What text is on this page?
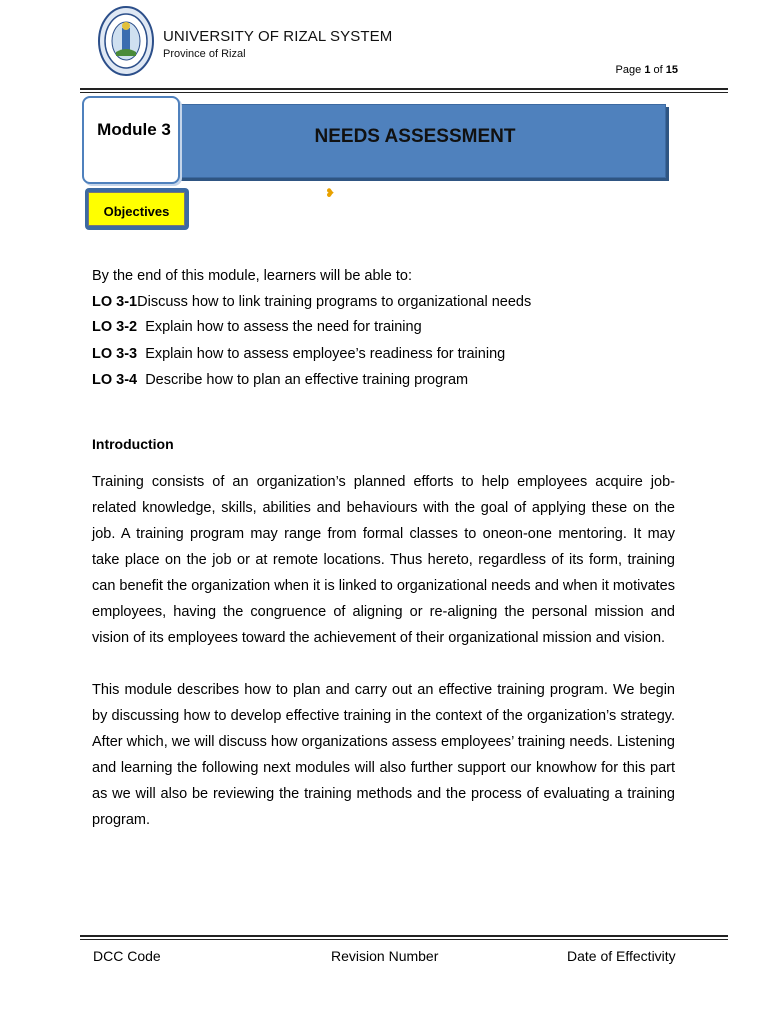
UNIVERSITY OF RIZAL SYSTEM
Province of Rizal
Page 1 of 15
NEEDS ASSESSMENT
Module 3
❥
Objectives
By the end of this module, learners will be able to:
LO 3-1Discuss how to link training programs to organizational needs
LO 3-2 Explain how to assess the need for training
LO 3-3 Explain how to assess employee’s readiness for training
LO 3-4 Describe how to plan an effective training program
Introduction
Training consists of an organization’s planned efforts to help employees acquire job-related knowledge, skills, abilities and behaviours with the goal of applying these on the job. A training program may range from formal classes to oneon-one mentoring. It may take place on the job or at remote locations. Thus hereto, regardless of its form, training can benefit the organization when it is linked to organizational needs and when it motivates employees, having the congruence of aligning or re-aligning the personal mission and vision of its employees toward the achievement of their organizational mission and vision.
This module describes how to plan and carry out an effective training program. We begin by discussing how to develop effective training in the context of the organization’s strategy. After which, we will discuss how organizations assess employees’ training needs. Listening and learning the following next modules will also further support our knowhow for this part as we will also be reviewing the training methods and the process of evaluating a training program.
DCC Code	Revision Number	Date of Effectivity
